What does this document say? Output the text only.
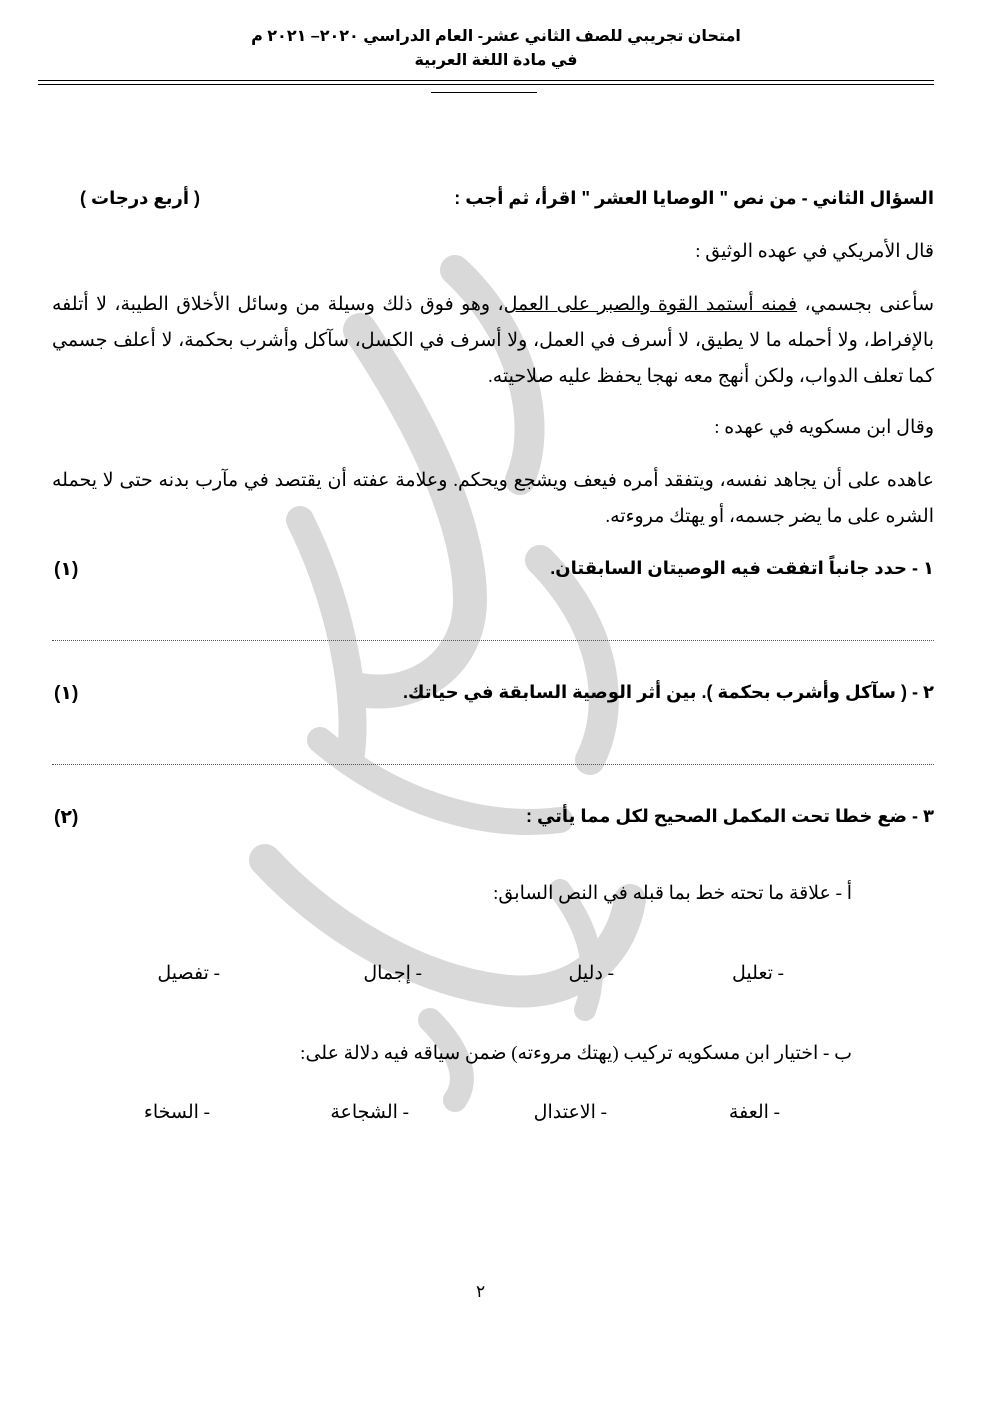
امتحان تجريبي للصف الثاني عشر- العام الدراسي ٢٠٢٠– ٢٠٢١ م
في مادة اللغة العربية
السؤال الثاني - من نص " الوصايا العشر " اقرأ، ثم أجب :
( أربع درجات )
قال الأمريكي في عهده الوثيق :
سأعنى بجسمي، فمنه أستمد القوة والصبر على العمل، وهو فوق ذلك وسيلة من وسائل الأخلاق الطيبة، لا أتلفه بالإفراط، ولا أحمله ما لا يطيق، لا أسرف في العمل، ولا أسرف في الكسل، سآكل وأشرب بحكمة، لا أعلف جسمي كما تعلف الدواب، ولكن أنهج معه نهجا يحفظ عليه صلاحيته.
وقال ابن مسكويه في عهده :
عاهده على أن يجاهد نفسه، ويتفقد أمره فيعف ويشجع ويحكم. وعلامة عفته أن يقتصد في مآرب بدنه حتى لا يحمله الشره على ما يضر جسمه، أو يهتك مروءته.
١ - حدد جانباً اتفقت فيه الوصيتان السابقتان.
(١)
٢ - ( سآكل وأشرب بحكمة ). بين أثر الوصية السابقة في حياتك.
(١)
٣ - ضع خطا تحت المكمل الصحيح لكل مما يأتي :
(٢)
أ - علاقة ما تحته خط بما قبله في النص السابق:
- تعليل
- دليل
- إجمال
- تفصيل
ب - اختيار ابن مسكويه تركيب (يهتك مروءته) ضمن سياقه فيه دلالة على:
- العفة
- الاعتدال
- الشجاعة
- السخاء
٢
